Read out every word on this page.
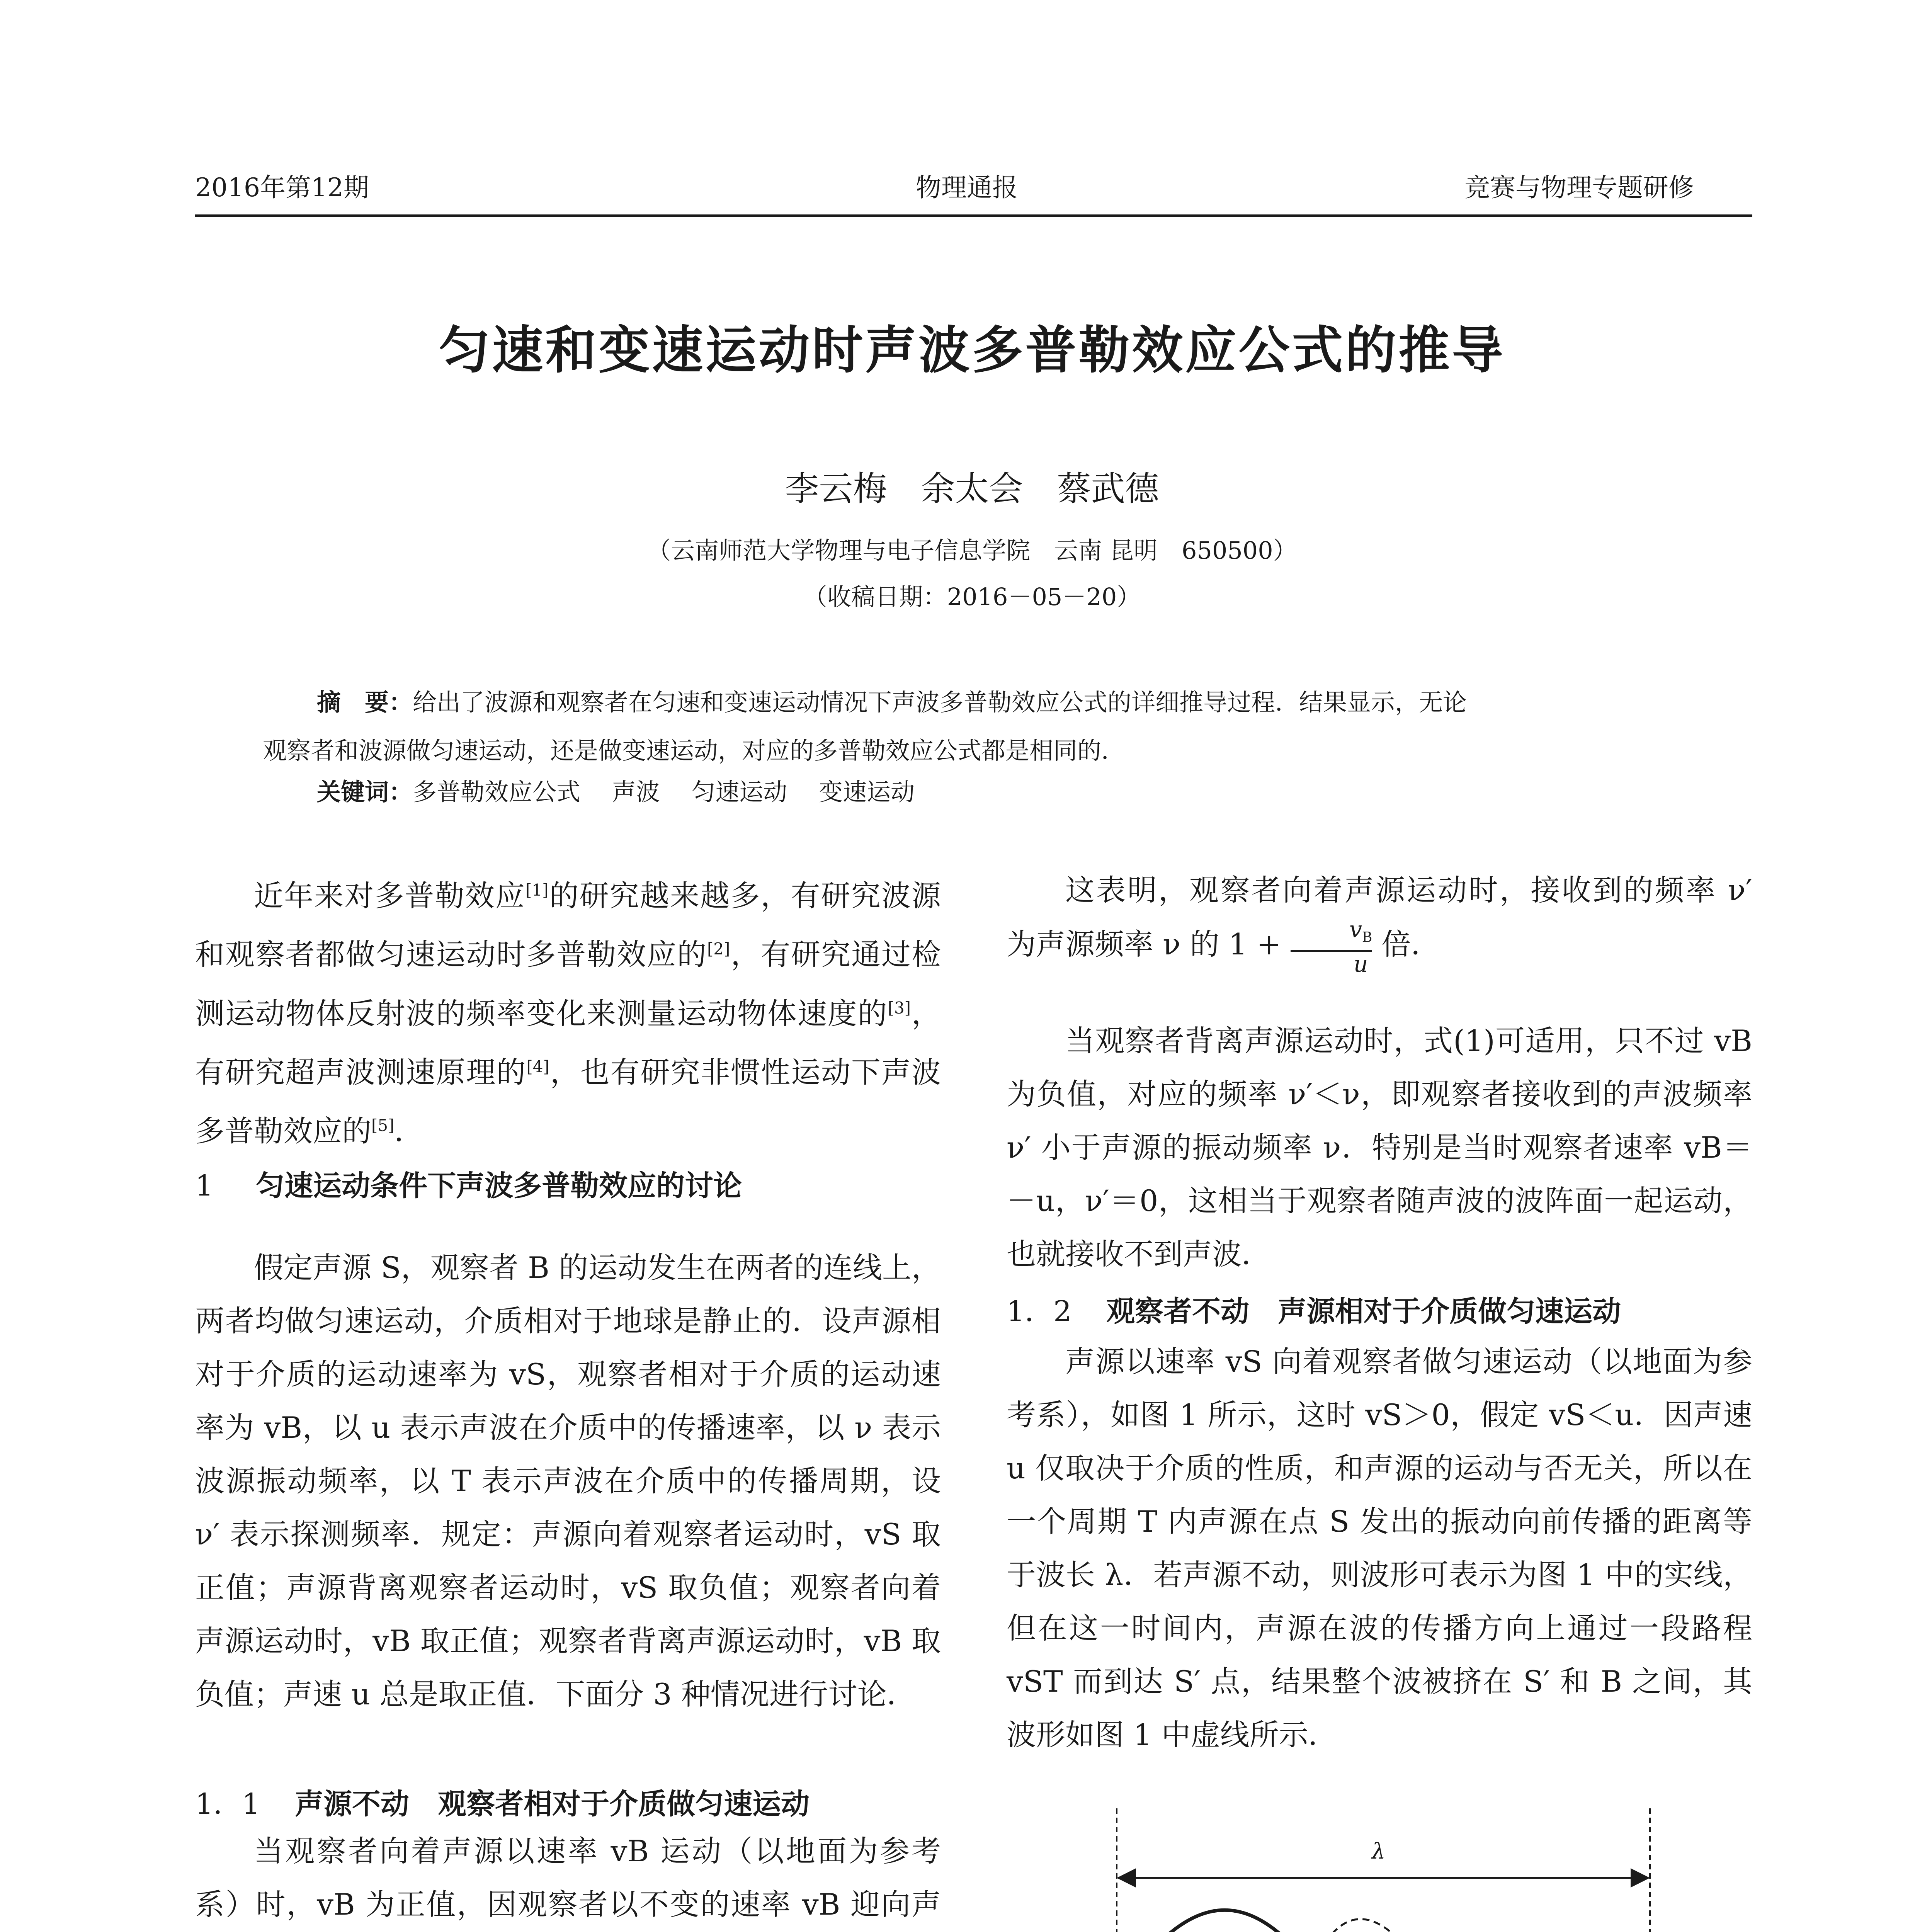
2016年第12期	物理通报	竞赛与物理专题研修
匀速和变速运动时声波多普勒效应公式的推导
李云梅　余太会　蔡武德
（云南师范大学物理与电子信息学院　云南 昆明　650500）
（收稿日期：2016－05－20）
摘　要：给出了波源和观察者在匀速和变速运动情况下声波多普勒效应公式的详细推导过程．结果显示，无论
观察者和波源做匀速运动，还是做变速运动，对应的多普勒效应公式都是相同的．
关键词：多普勒效应公式　 声波　 匀速运动　 变速运动

近年来对多普勒效应[1]的研究越来越多，有研究波源和观察者都做匀速运动时多普勒效应的[2]，有研究通过检测运动物体反射波的频率变化来测量运动物体速度的[3]，有研究超声波测速原理的[4]，也有研究非惯性运动下声波多普勒效应的[5]．

1 匀速运动条件下声波多普勒效应的讨论

假定声源 S，观察者 B 的运动发生在两者的连线上，两者均做匀速运动，介质相对于地球是静止的．设声源相对于介质的运动速率为 vS，观察者相对于介质的运动速率为 vB，以 u 表示声波在介质中的传播速率，以 ν 表示波源振动频率，以 T 表示声波在介质中的传播周期，设 ν′ 表示探测频率．规定：声源向着观察者运动时，vS 取正值；声源背离观察者运动时，vS 取负值；观察者向着声源运动时，vB 取正值；观察者背离声源运动时，vB 取负值；声速 u 总是取正值．下面分 3 种情况进行讨论．

1．1 声源不动　观察者相对于介质做匀速运动

当观察者向着声源以速率 vB 运动（以地面为参考系）时，vB 为正值，因观察者以不变的速率 vB 迎向声

这表明，观察者向着声源运动时，接收到的频率 ν′ 为声源频率 ν 的 1 +	$v_B$

u
倍．

当观察者背离声源运动时，式(1)可适用，只不过 vB 为负值，对应的频率 ν′＜ν，即观察者接收到的声波频率 ν′ 小于声源的振动频率 ν．特别是当时观察者速率 vB＝－u，ν′＝0，这相当于观察者随声波的波阵面一起运动，也就接收不到声波．

1．2 观察者不动　声源相对于介质做匀速运动

声源以速率 vS 向着观察者做匀速运动（以地面为参考系），如图 1 所示，这时 vS＞0，假定 vS＜u．因声速 u 仅取决于介质的性质，和声源的运动与否无关，所以在一个周期 T 内声源在点 S 发出的振动向前传播的距离等于波长 λ．若声源不动，则波形可表示为图 1 中的实线，但在这一时间内，声源在波的传播方向上通过一段路程 vST 而到达 S′ 点，结果整个波被挤在 S′ 和 B 之间，其波形如图 1 中虚线所示．

λ
